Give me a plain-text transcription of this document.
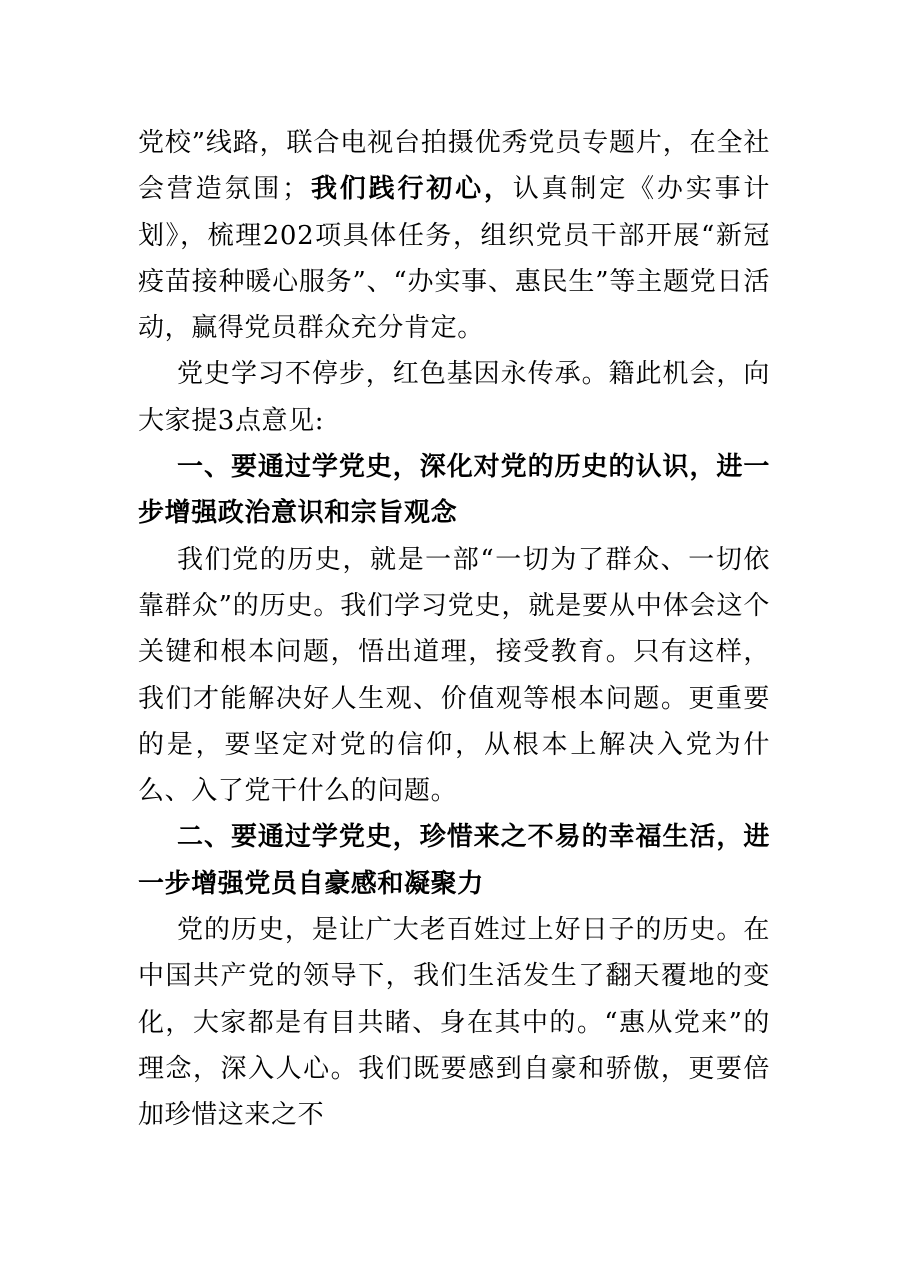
党校”线路，联合电视台拍摄优秀党员专题片，在全社会营造氛围；我们践行初心，认真制定《办实事计划》，梳理202项具体任务，组织党员干部开展“新冠疫苗接种暖心服务”、“办实事、惠民生”等主题党日活动，赢得党员群众充分肯定。

党史学习不停步，红色基因永传承。籍此机会，向大家提3点意见:

一、要通过学党史，深化对党的历史的认识，进一步增强政治意识和宗旨观念

我们党的历史，就是一部“一切为了群众、一切依靠群众”的历史。我们学习党史，就是要从中体会这个关键和根本问题，悟出道理，接受教育。只有这样，我们才能解决好人生观、价值观等根本问题。更重要的是，要坚定对党的信仰，从根本上解决入党为什么、入了党干什么的问题。

二、要通过学党史，珍惜来之不易的幸福生活，进一步增强党员自豪感和凝聚力

党的历史，是让广大老百姓过上好日子的历史。在中国共产党的领导下，我们生活发生了翻天覆地的变化，大家都是有目共睹、身在其中的。“惠从党来”的理念，深入人心。我们既要感到自豪和骄傲，更要倍加珍惜这来之不
